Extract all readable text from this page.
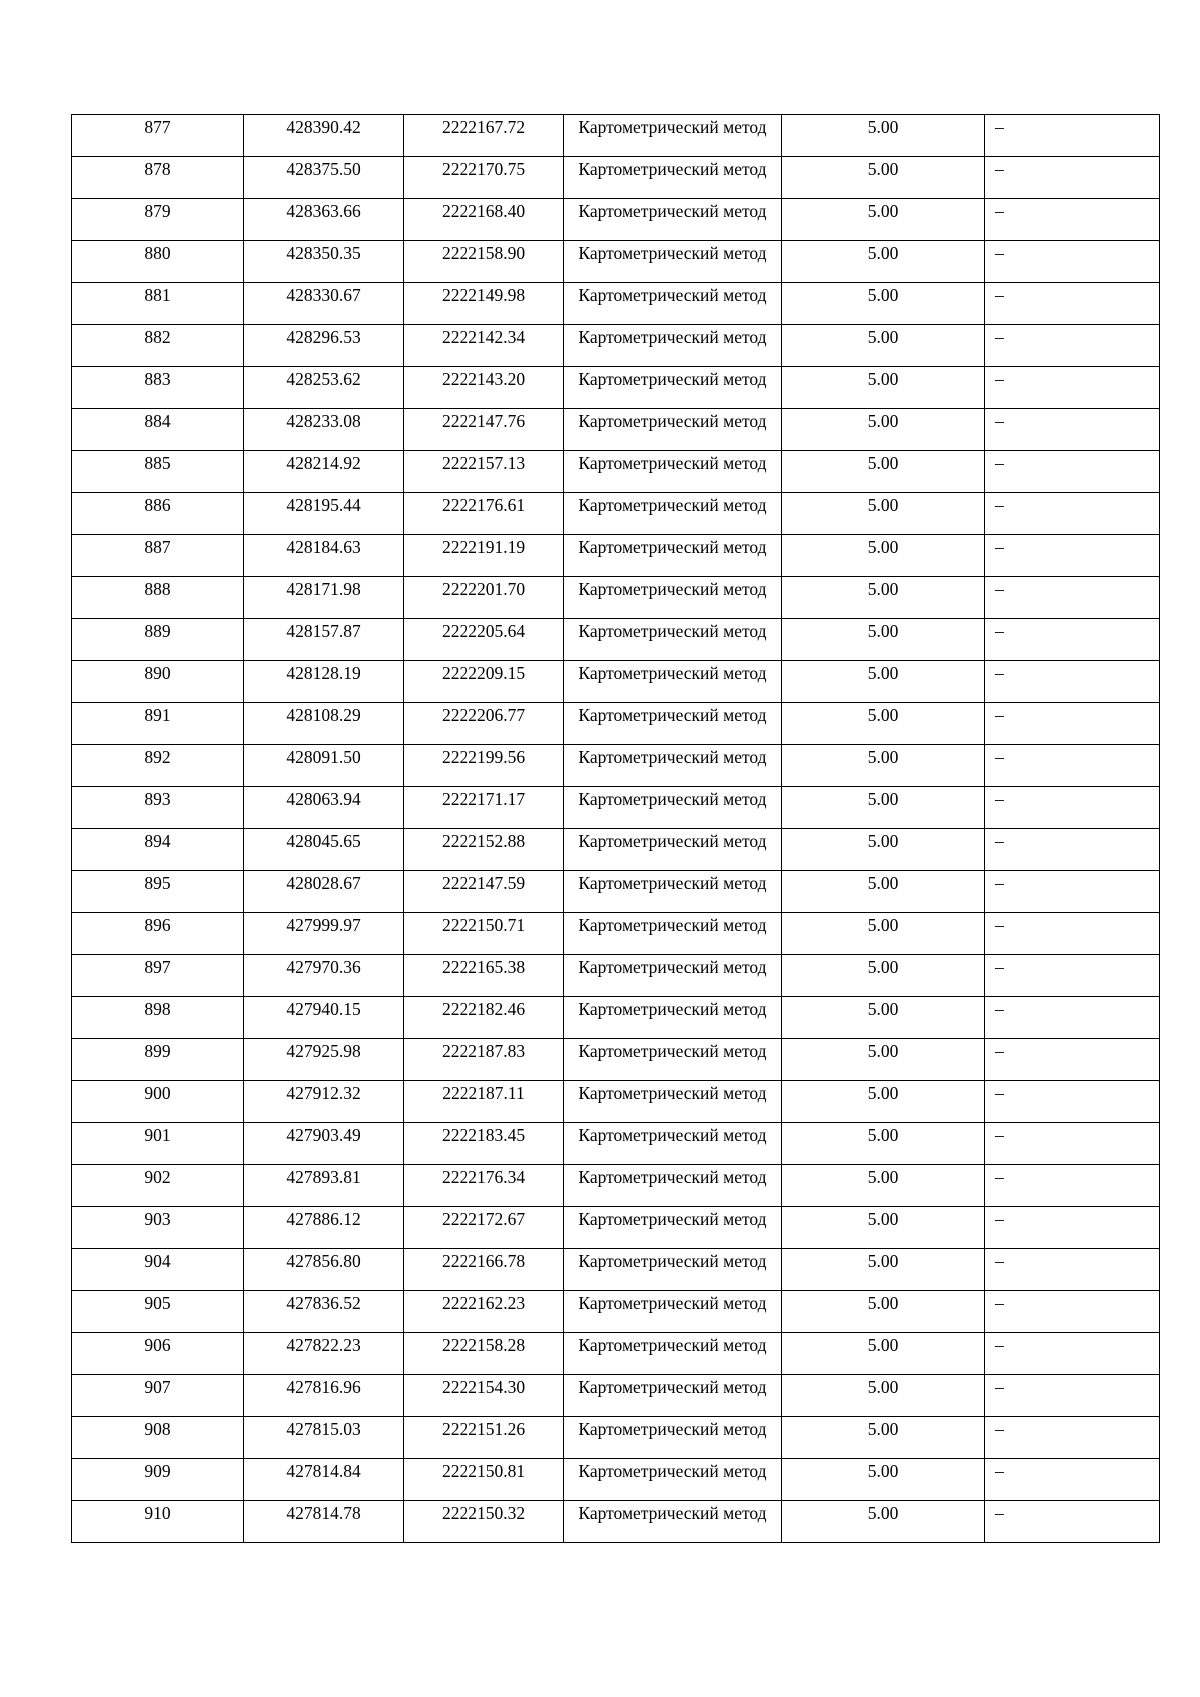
877	428390.42	2222167.72	Картометрический метод	5.00	–
878	428375.50	2222170.75	Картометрический метод	5.00	–
879	428363.66	2222168.40	Картометрический метод	5.00	–
880	428350.35	2222158.90	Картометрический метод	5.00	–
881	428330.67	2222149.98	Картометрический метод	5.00	–
882	428296.53	2222142.34	Картометрический метод	5.00	–
883	428253.62	2222143.20	Картометрический метод	5.00	–
884	428233.08	2222147.76	Картометрический метод	5.00	–
885	428214.92	2222157.13	Картометрический метод	5.00	–
886	428195.44	2222176.61	Картометрический метод	5.00	–
887	428184.63	2222191.19	Картометрический метод	5.00	–
888	428171.98	2222201.70	Картометрический метод	5.00	–
889	428157.87	2222205.64	Картометрический метод	5.00	–
890	428128.19	2222209.15	Картометрический метод	5.00	–
891	428108.29	2222206.77	Картометрический метод	5.00	–
892	428091.50	2222199.56	Картометрический метод	5.00	–
893	428063.94	2222171.17	Картометрический метод	5.00	–
894	428045.65	2222152.88	Картометрический метод	5.00	–
895	428028.67	2222147.59	Картометрический метод	5.00	–
896	427999.97	2222150.71	Картометрический метод	5.00	–
897	427970.36	2222165.38	Картометрический метод	5.00	–
898	427940.15	2222182.46	Картометрический метод	5.00	–
899	427925.98	2222187.83	Картометрический метод	5.00	–
900	427912.32	2222187.11	Картометрический метод	5.00	–
901	427903.49	2222183.45	Картометрический метод	5.00	–
902	427893.81	2222176.34	Картометрический метод	5.00	–
903	427886.12	2222172.67	Картометрический метод	5.00	–
904	427856.80	2222166.78	Картометрический метод	5.00	–
905	427836.52	2222162.23	Картометрический метод	5.00	–
906	427822.23	2222158.28	Картометрический метод	5.00	–
907	427816.96	2222154.30	Картометрический метод	5.00	–
908	427815.03	2222151.26	Картометрический метод	5.00	–
909	427814.84	2222150.81	Картометрический метод	5.00	–
910	427814.78	2222150.32	Картометрический метод	5.00	–
